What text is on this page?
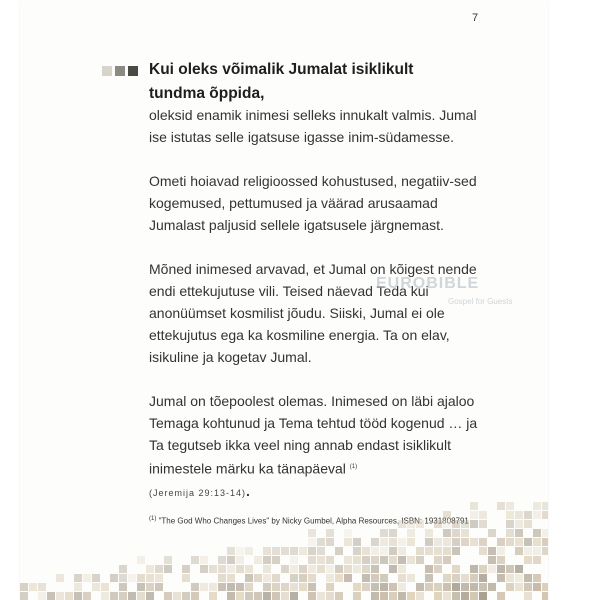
7
Kui oleks võimalik Jumalat isiklikult tundma õppida,

oleksid enamik inimesi selleks innukalt valmis. Jumal ise istutas selle igatsuse igasse inim-südamesse.

Ometi hoiavad religioossed kohustused, negatiiv-sed kogemused, pettumused ja väärad arusaamad Jumalast paljusid sellele igatsusele järgnemast.

Mõned inimesed arvavad, et Jumal on kõigest nende endi ettekujutuse vili. Teised näevad Teda kui anonüümset kosmilist jõudu. Siiski, Jumal ei ole ettekujutus ega ka kosmiline energia. Ta on elav, isikuline ja kogetav Jumal.

Jumal on tõepoolest olemas. Inimesed on läbi ajaloo Temaga kohtunud ja Tema tehtud tööd kogenud … ja Ta tegutseb ikka veel ning annab endast isiklikult inimestele märku ka tänapäeval $^{(1)}$

(Jeremija 29:13-14).
EUROBIBLE
Gospel for Guests
$^{(1)}$ "The God Who Changes Lives" by Nicky Gumbel, Alpha Resources, ISBN: 1931808791
